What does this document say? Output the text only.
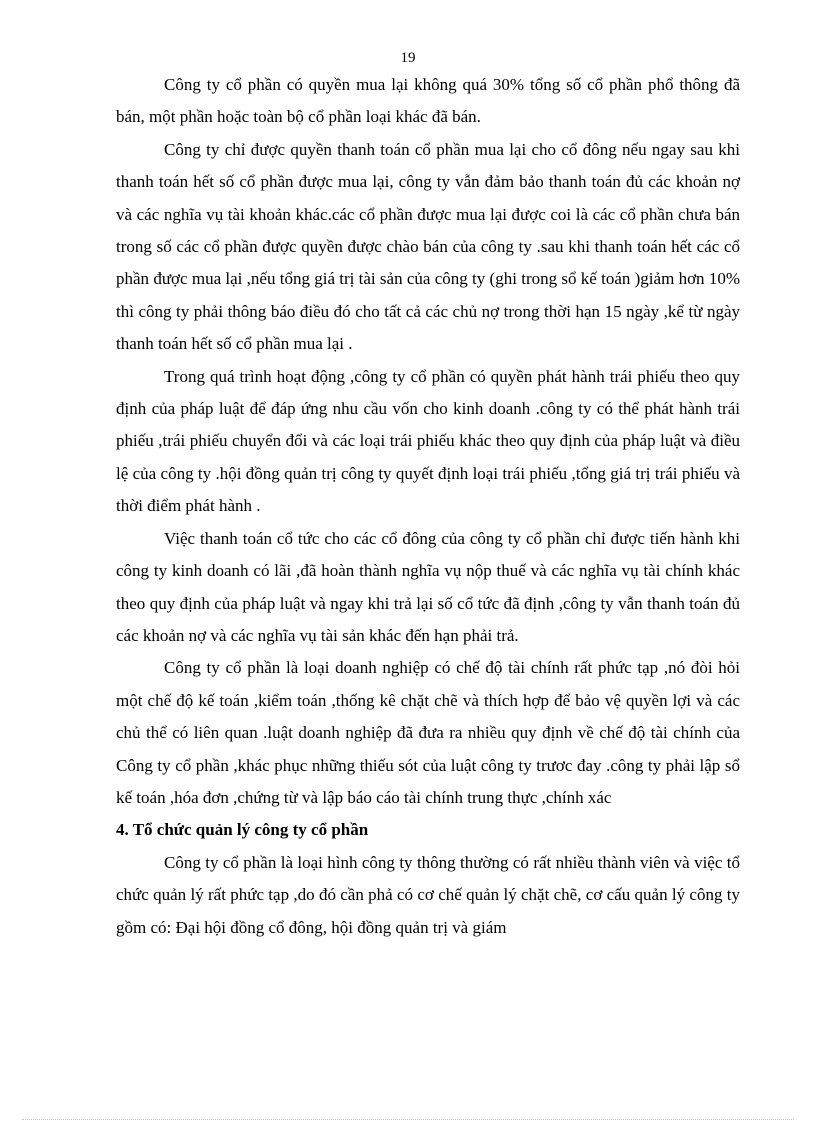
19

Công ty cổ phần có quyền mua lại không quá 30% tổng số cổ phần phổ thông đã bán, một phần hoặc toàn bộ cổ phần loại khác đã bán.

Công ty chỉ được quyền thanh toán cổ phần mua lại cho cổ đông nếu ngay sau khi thanh toán hết số cổ phần được mua lại, công ty vẫn đảm bảo thanh toán đủ các khoản nợ và các nghĩa vụ tài khoản khác.các cổ phần được mua lại được coi là các cổ phần chưa bán trong số các cổ phần được quyền được chào bán của công ty .sau khi thanh toán hết các cổ phần được mua lại ,nếu tổng giá trị tài sản của công ty (ghi trong sổ kế toán )giảm hơn 10% thì công ty phải thông báo điều đó cho tất cả các chủ nợ trong thời hạn 15 ngày ,kể từ ngày thanh toán hết số cổ phần mua lại .

Trong quá trình hoạt động ,công ty cổ phần có quyền phát hành trái phiếu theo quy định của pháp luật để đáp ứng nhu cầu vốn cho kinh doanh .công ty có thể phát hành trái phiếu ,trái phiếu chuyển đổi và các loại trái phiếu khác theo quy định của pháp luật và điều lệ của công ty .hội đồng quản trị công ty quyết định loại trái phiếu ,tổng giá trị trái phiếu và thời điểm phát hành .

Việc thanh toán cổ tức cho các cổ đông của công ty cổ phần chỉ được tiến hành khi công ty kinh doanh có lãi ,đã hoàn thành nghĩa vụ nộp thuế và các nghĩa vụ tài chính khác theo quy định của pháp luật và ngay khi trả lại số cổ tức đã định ,công ty vẫn thanh toán đủ các khoản nợ và các nghĩa vụ tài sản khác đến hạn phải trả.

Công ty cổ phần là loại doanh nghiệp có chế độ tài chính rất phức tạp ,nó đòi hỏi một chế độ kế toán ,kiểm toán ,thống kê chặt chẽ và thích hợp để bảo vệ quyền lợi và các chủ thể có liên quan .luật doanh nghiệp đã đưa ra nhiều quy định về chế độ tài chính của Công ty cổ phần ,khác phục những thiếu sót của luật công ty trươc đay .công ty phải lập sổ kế toán ,hóa đơn ,chứng từ và lập báo cáo tài chính trung thực ,chính xác

4. Tổ chức quản lý công ty cổ phần

Công ty cổ phần là loại hình công ty thông thường có rất nhiều thành viên và việc tổ chức quản lý rất phức tạp ,do đó cần phả có cơ chế quản lý chặt chẽ, cơ cấu quản lý công ty gồm có: Đại hội đồng cổ đông, hội đồng quản trị và giám
